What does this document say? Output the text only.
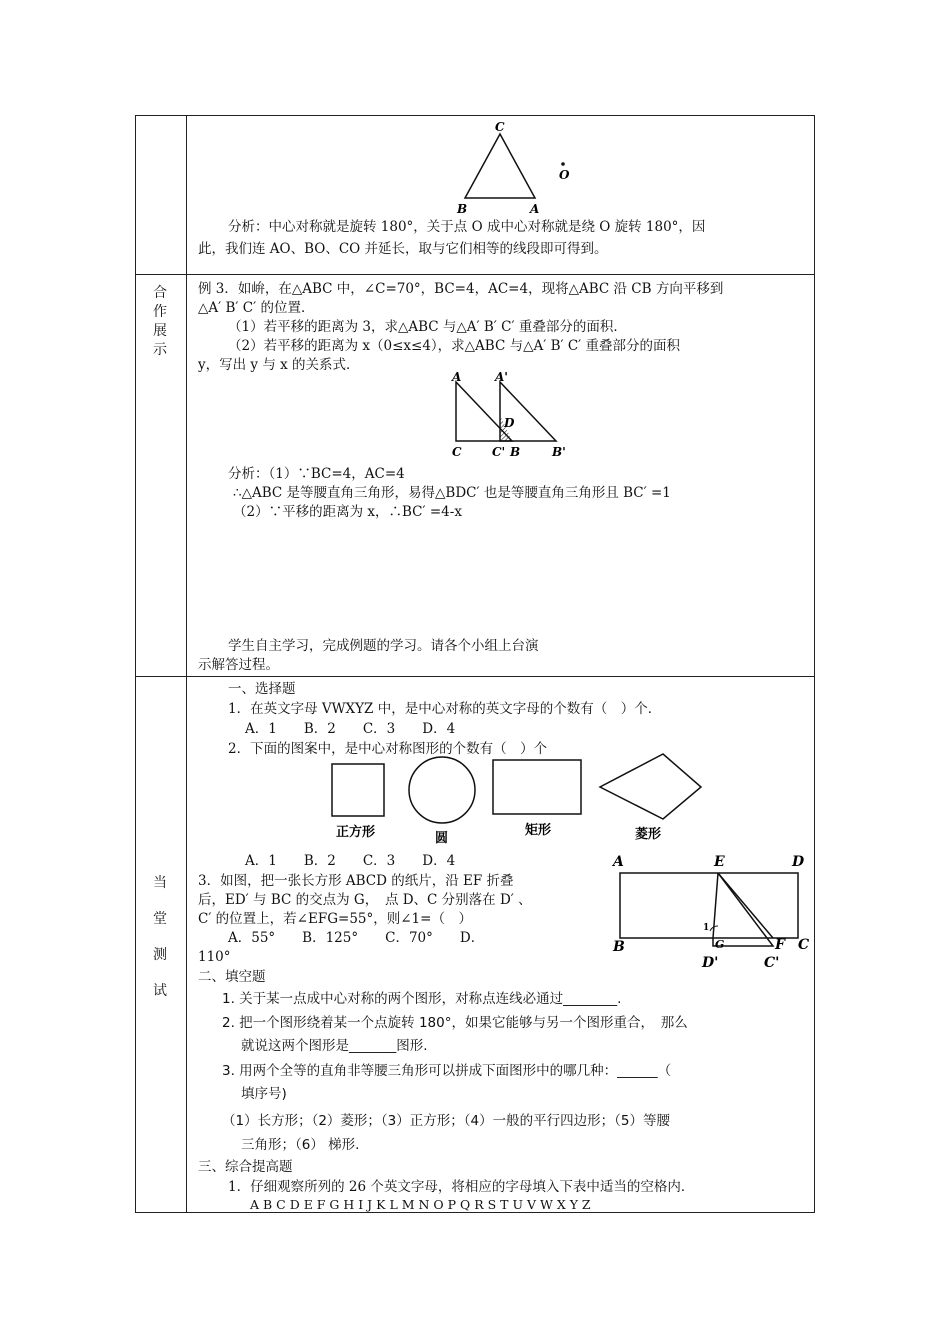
C
O
B	A
分析：中心对称就是旋转 180°，关于点 O 成中心对称就是绕 O 旋转 180°，因
此，我们连 AO、BO、CO 并延长，取与它们相等的线段即可得到。
合
作
展
示
例 3．如峅，在△ABC 中，∠C=70°，BC=4，AC=4，现将△ABC 沿 CB 方向平移到
△A′ B′ C′ 的位置．
（1）若平移的距离为 3，求△ABC 与△A′ B′ C′ 重叠部分的面积．
（2）若平移的距离为 x（0≤x≤4），求△ABC 与△A′ B′ C′ 重叠部分的面积
y，写出 y 与 x 的关系式．
A	A'
D
C	C' B	B'
分析：（1）∵BC=4，AC=4
∴△ABC 是等腰直角三角形，易得△BDC′ 也是等腰直角三角形且 BC′ =1
（2）∵平移的距离为 x，∴BC′ =4-x
学生自主学习，完成例题的学习。请各个小组上台演
示解答过程。
当
堂
测
试
一、选择题
1．在英文字母 VWXYZ 中，是中心对称的英文字母的个数有（　）个．
A．1　　B．2　　C．3　　D．4
2．下面的图案中，是中心对称图形的个数有（　）个
正方形	圆
矩形	菱形
A．1　　B．2　　C．3　　D．4
3．如图，把一张长方形 ABCD 的纸片，沿 EF 折叠
后，ED′ 与 BC 的交点为 G，　点 D、C 分别落在 D′ 、
C′ 的位置上，若∠EFG=55°，则∠1=（　）
A．55°　　B．125°　　C．70°　　D．
110°
A	E	D
B	G	F C
D'	C'
1
二、填空题
1. 关于某一点成中心对称的两个图形，对称点连线必通过________.
2. 把一个图形绕着某一个点旋转 180°，如果它能够与另一个图形重合，　那么
就说这两个图形是_______图形.
3. 用两个全等的直角非等腰三角形可以拼成下面图形中的哪几种：______（
填序号)
（1）长方形；（2）菱形；（3）正方形；（4）一般的平行四边形；（5）等腰
三角形；（6） 梯形.
三、综合提高题
1．仔细观察所列的 26 个英文字母，将相应的字母填入下表中适当的空格内．
A B C D E F G H I J K L M N O P Q R S T U V W X Y Z
